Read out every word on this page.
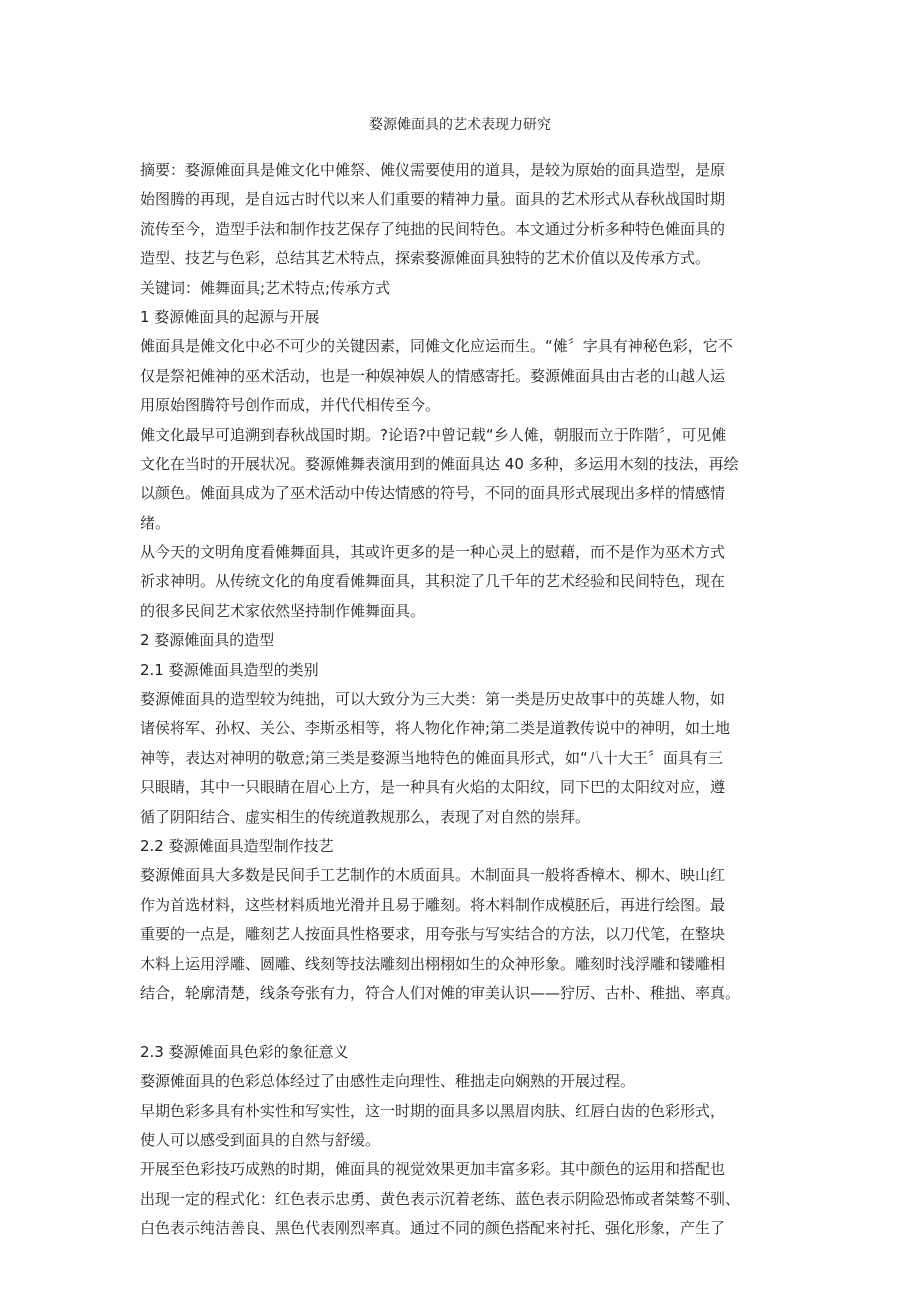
婺源傩面具的艺术表现力研究
摘要：婺源傩面具是傩文化中傩祭、傩仪需要使用的道具，是较为原始的面具造型，是原
始图腾的再现，是自远古时代以来人们重要的精神力量。面具的艺术形式从春秋战国时期
流传至今，造型手法和制作技艺保存了纯拙的民间特色。本文通过分析多种特色傩面具的
造型、技艺与色彩，总结其艺术特点，探索婺源傩面具独特的艺术价值以及传承方式。
关键词：傩舞面具;艺术特点;传承方式
1 婺源傩面具的起源与开展
傩面具是傩文化中必不可少的关键因素，同傩文化应运而生。“傩〞字具有神秘色彩，它不
仅是祭祀傩神的巫术活动，也是一种娱神娱人的情感寄托。婺源傩面具由古老的山越人运
用原始图腾符号创作而成，并代代相传至今。
傩文化最早可追溯到春秋战国时期。?论语?中曾记载“乡人傩，朝服而立于阼階〞，可见傩
文化在当时的开展状况。婺源傩舞表演用到的傩面具达 40 多种，多运用木刻的技法，再绘
以颜色。傩面具成为了巫术活动中传达情感的符号，不同的面具形式展现出多样的情感情
绪。
从今天的文明角度看傩舞面具，其或许更多的是一种心灵上的慰藉，而不是作为巫术方式
祈求神明。从传统文化的角度看傩舞面具，其积淀了几千年的艺术经验和民间特色，现在
的很多民间艺术家依然坚持制作傩舞面具。
2 婺源傩面具的造型
2.1 婺源傩面具造型的类别
婺源傩面具的造型较为纯拙，可以大致分为三大类：第一类是历史故事中的英雄人物，如
诸侯将军、孙权、关公、李斯丞相等，将人物化作神;第二类是道教传说中的神明，如土地
神等，表达对神明的敬意;第三类是婺源当地特色的傩面具形式，如“八十大王〞面具有三
只眼睛，其中一只眼睛在眉心上方，是一种具有火焰的太阳纹，同下巴的太阳纹对应，遵
循了阴阳结合、虚实相生的传统道教规那么，表现了对自然的崇拜。
2.2 婺源傩面具造型制作技艺
婺源傩面具大多数是民间手工艺制作的木质面具。木制面具一般将香樟木、柳木、映山红
作为首选材料，这些材料质地光滑并且易于雕刻。将木料制作成模胚后，再进行绘图。最
重要的一点是，雕刻艺人按面具性格要求，用夸张与写实结合的方法，以刀代笔，在整块
木料上运用浮雕、圆雕、线刻等技法雕刻出栩栩如生的众神形象。雕刻时浅浮雕和镂雕相
结合，轮廓清楚，线条夸张有力，符合人们对傩的审美认识——狞厉、古朴、稚拙、率真。
2.3 婺源傩面具色彩的象征意义
婺源傩面具的色彩总体经过了由感性走向理性、稚拙走向娴熟的开展过程。
早期色彩多具有朴实性和写实性，这一时期的面具多以黑眉肉肤、红唇白齿的色彩形式，
使人可以感受到面具的自然与舒缓。
开展至色彩技巧成熟的时期，傩面具的视觉效果更加丰富多彩。其中颜色的运用和搭配也
出现一定的程式化：红色表示忠勇、黄色表示沉着老练、蓝色表示阴险恐怖或者桀骜不驯、
白色表示纯洁善良、黑色代表刚烈率真。通过不同的颜色搭配来衬托、强化形象，产生了
